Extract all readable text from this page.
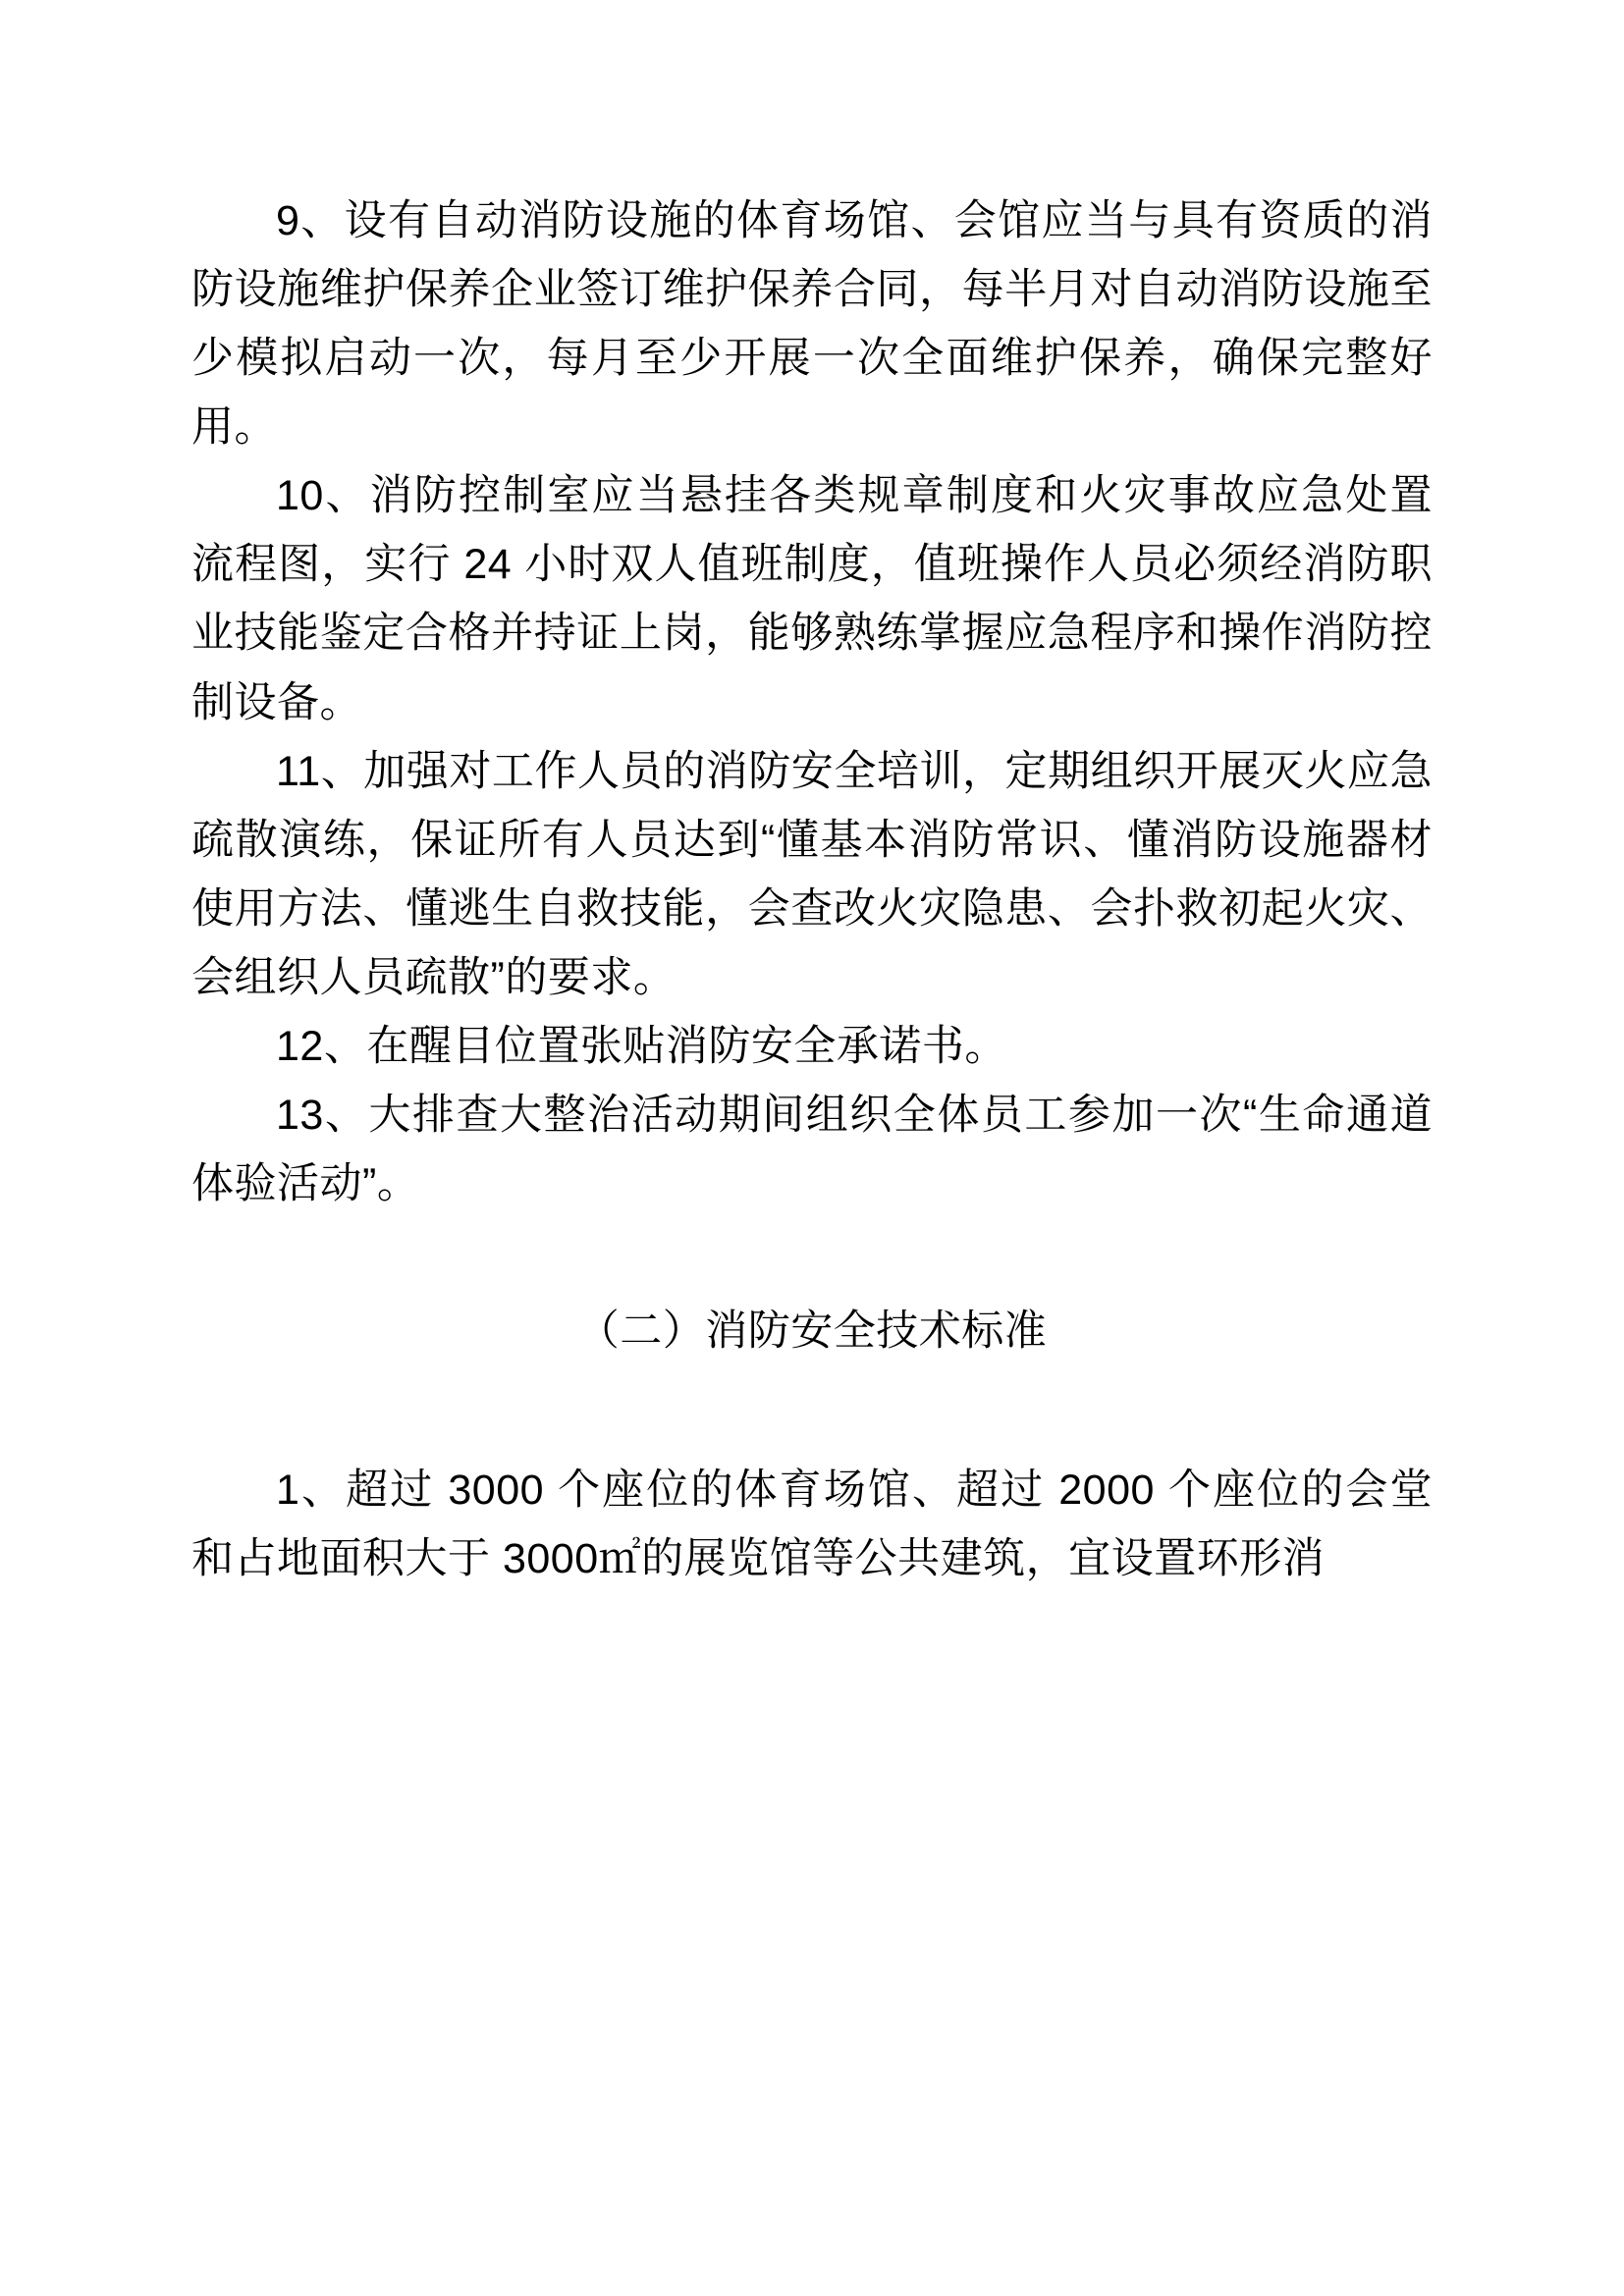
9、设有自动消防设施的体育场馆、会馆应当与具有资质的消防设施维护保养企业签订维护保养合同，每半月对自动消防设施至少模拟启动一次，每月至少开展一次全面维护保养，确保完整好用。

10、消防控制室应当悬挂各类规章制度和火灾事故应急处置流程图，实行 24 小时双人值班制度，值班操作人员必须经消防职业技能鉴定合格并持证上岗，能够熟练掌握应急程序和操作消防控制设备。

11、加强对工作人员的消防安全培训，定期组织开展灭火应急疏散演练，保证所有人员达到“懂基本消防常识、懂消防设施器材使用方法、懂逃生自救技能，会查改火灾隐患、会扑救初起火灾、会组织人员疏散”的要求。

12、在醒目位置张贴消防安全承诺书。

13、大排查大整治活动期间组织全体员工参加一次“生命通道体验活动”。

（二）消防安全技术标准

1、超过 3000 个座位的体育场馆、超过 2000 个座位的会堂和占地面积大于 3000㎡的展览馆等公共建筑，宜设置环形消
